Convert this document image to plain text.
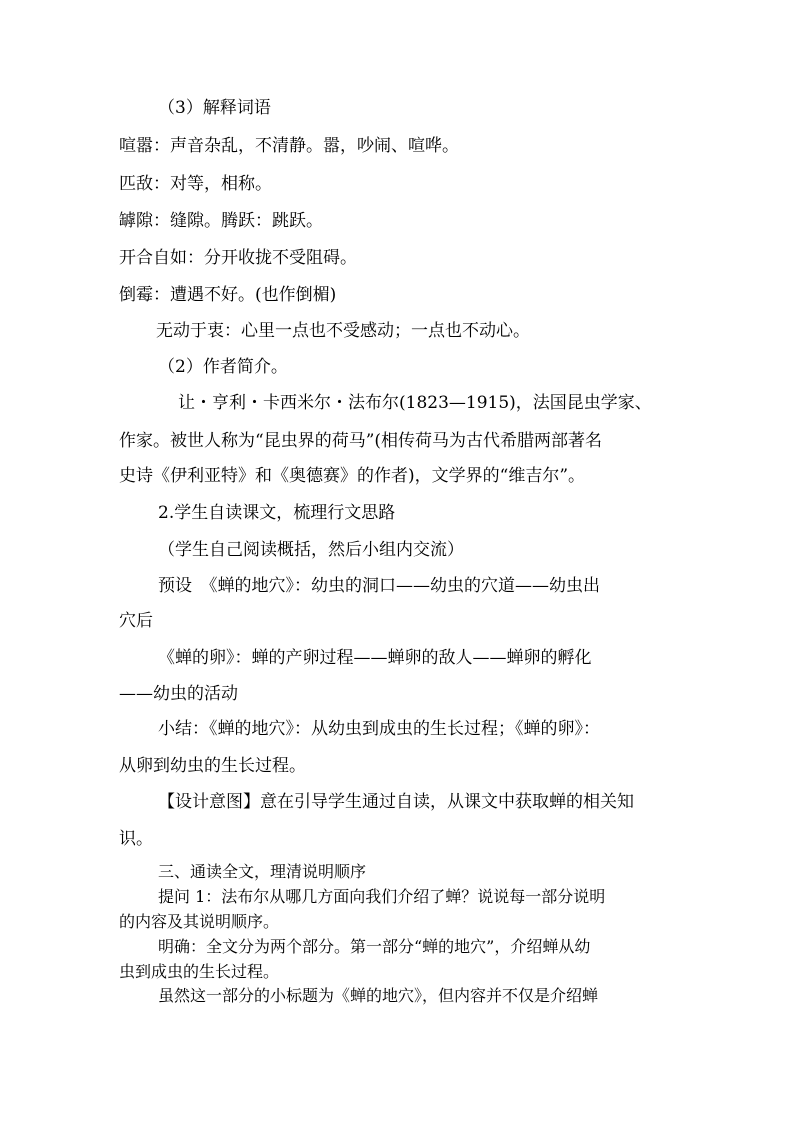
（3）解释词语

喧嚣：声音杂乱，不清静。嚣，吵闹、喧哗。

匹敌：对等，相称。

罅隙：缝隙。腾跃：跳跃。

开合自如：分开收拢不受阻碍。

倒霉：遭遇不好。(也作倒楣)

无动于衷：心里一点也不受感动；一点也不动心。

（2）作者简介。

让・亨利・卡西米尔・法布尔(1823—1915)，法国昆虫学家、

作家。被世人称为“昆虫界的荷马”(相传荷马为古代希腊两部著名

史诗《伊利亚特》和《奥德赛》的作者)，文学界的“维吉尔”。

2.学生自读课文，梳理行文思路

（学生自己阅读概括，然后小组内交流）

预设　《蝉的地穴》：幼虫的洞口——幼虫的穴道——幼虫出

穴后

《蝉的卵》：蝉的产卵过程——蝉卵的敌人——蝉卵的孵化

——幼虫的活动

小结：《蝉的地穴》：从幼虫到成虫的生长过程；《蝉的卵》：

从卵到幼虫的生长过程。

【设计意图】意在引导学生通过自读，从课文中获取蝉的相关知

识。

三、通读全文，理清说明顺序

提问 1：法布尔从哪几方面向我们介绍了蝉？说说每一部分说明

的内容及其说明顺序。

明确：全文分为两个部分。第一部分“蝉的地穴”，介绍蝉从幼

虫到成虫的生长过程。

虽然这一部分的小标题为《蝉的地穴》，但内容并不仅是介绍蝉
